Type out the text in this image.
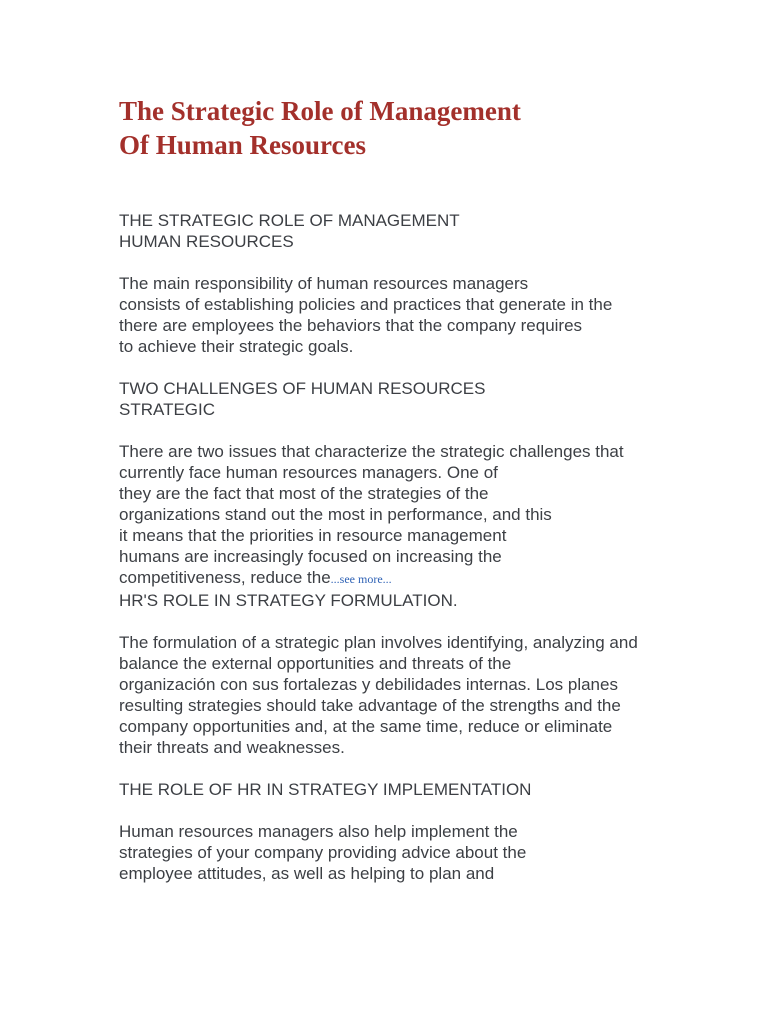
The Strategic Role of Management
Of Human Resources
THE STRATEGIC ROLE OF MANAGEMENT
HUMAN RESOURCES
The main responsibility of human resources managers
consists of establishing policies and practices that generate in the
there are employees the behaviors that the company requires
to achieve their strategic goals.
TWO CHALLENGES OF HUMAN RESOURCES
STRATEGIC
There are two issues that characterize the strategic challenges that
currently face human resources managers. One of
they are the fact that most of the strategies of the
organizations stand out the most in performance, and this
it means that the priorities in resource management
humans are increasingly focused on increasing the
competitiveness, reduce the...see more...
HR'S ROLE IN STRATEGY FORMULATION.
The formulation of a strategic plan involves identifying, analyzing and
balance the external opportunities and threats of the
organización con sus fortalezas y debilidades internas. Los planes
resulting strategies should take advantage of the strengths and the
company opportunities and, at the same time, reduce or eliminate
their threats and weaknesses.
THE ROLE OF HR IN STRATEGY IMPLEMENTATION
Human resources managers also help implement the
strategies of your company providing advice about the
employee attitudes, as well as helping to plan and
